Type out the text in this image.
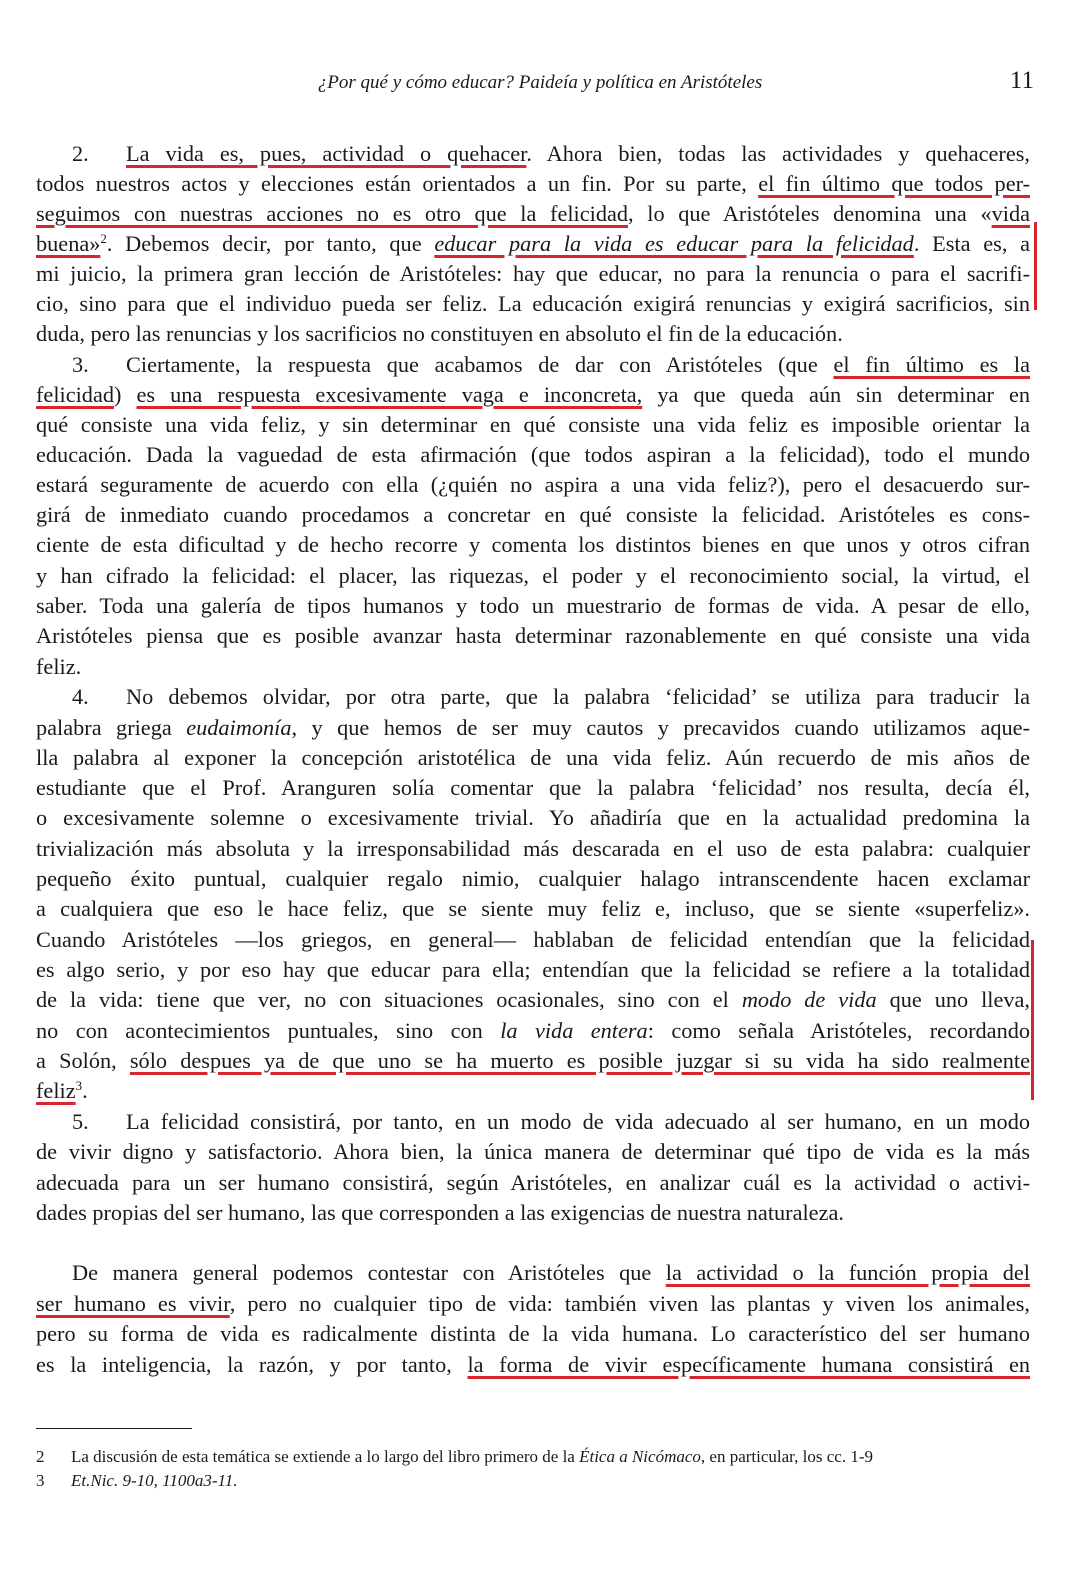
¿Por qué y cómo educar? Paideía y política en Aristóteles	11
2. La vida es, pues, actividad o quehacer. Ahora bien, todas las actividades y quehaceres,
todos nuestros actos y elecciones están orientados a un fin. Por su parte, el fin último que todos per-
seguimos con nuestras acciones no es otro que la felicidad, lo que Aristóteles denomina una «vida
buena»$^2$. Debemos decir, por tanto, que educar para la vida es educar para la felicidad. Esta es, a
mi juicio, la primera gran lección de Aristóteles: hay que educar, no para la renuncia o para el sacrifi-
cio, sino para que el individuo pueda ser feliz. La educación exigirá renuncias y exigirá sacrificios, sin
duda, pero las renuncias y los sacrificios no constituyen en absoluto el fin de la educación.
3. Ciertamente, la respuesta que acabamos de dar con Aristóteles (que el fin último es la
felicidad) es una respuesta excesivamente vaga e inconcreta, ya que queda aún sin determinar en
qué consiste una vida feliz, y sin determinar en qué consiste una vida feliz es imposible orientar la
educación. Dada la vaguedad de esta afirmación (que todos aspiran a la felicidad), todo el mundo
estará seguramente de acuerdo con ella (¿quién no aspira a una vida feliz?), pero el desacuerdo sur-
girá de inmediato cuando procedamos a concretar en qué consiste la felicidad. Aristóteles es cons-
ciente de esta dificultad y de hecho recorre y comenta los distintos bienes en que unos y otros cifran
y han cifrado la felicidad: el placer, las riquezas, el poder y el reconocimiento social, la virtud, el
saber. Toda una galería de tipos humanos y todo un muestrario de formas de vida. A pesar de ello,
Aristóteles piensa que es posible avanzar hasta determinar razonablemente en qué consiste una vida
feliz.
4. No debemos olvidar, por otra parte, que la palabra ‘felicidad’ se utiliza para traducir la
palabra griega eudaimonía, y que hemos de ser muy cautos y precavidos cuando utilizamos aque-
lla palabra al exponer la concepción aristotélica de una vida feliz. Aún recuerdo de mis años de
estudiante que el Prof. Aranguren solía comentar que la palabra ‘felicidad’ nos resulta, decía él,
o excesivamente solemne o excesivamente trivial. Yo añadiría que en la actualidad predomina la
trivialización más absoluta y la irresponsabilidad más descarada en el uso de esta palabra: cualquier
pequeño éxito puntual, cualquier regalo nimio, cualquier halago intranscendente hacen exclamar
a cualquiera que eso le hace feliz, que se siente muy feliz e, incluso, que se siente «superfeliz».
Cuando Aristóteles —los griegos, en general— hablaban de felicidad entendían que la felicidad
es algo serio, y por eso hay que educar para ella; entendían que la felicidad se refiere a la totalidad
de la vida: tiene que ver, no con situaciones ocasionales, sino con el modo de vida que uno lleva,
no con acontecimientos puntuales, sino con la vida entera: como señala Aristóteles, recordando
a Solón, sólo despues ya de que uno se ha muerto es posible juzgar si su vida ha sido realmente
feliz$^3$.
5. La felicidad consistirá, por tanto, en un modo de vida adecuado al ser humano, en un modo
de vivir digno y satisfactorio. Ahora bien, la única manera de determinar qué tipo de vida es la más
adecuada para un ser humano consistirá, según Aristóteles, en analizar cuál es la actividad o activi-
dades propias del ser humano, las que corresponden a las exigencias de nuestra naturaleza.
De manera general podemos contestar con Aristóteles que la actividad o la función propia del
ser humano es vivir, pero no cualquier tipo de vida: también viven las plantas y viven los animales,
pero su forma de vida es radicalmente distinta de la vida humana. Lo característico del ser humano
es la inteligencia, la razón, y por tanto, la forma de vivir específicamente humana consistirá en
2 La discusión de esta temática se extiende a lo largo del libro primero de la Ética a Nicómaco, en particular, los cc. 1-9
3 Et.Nic. 9-10, 1100a3-11.
